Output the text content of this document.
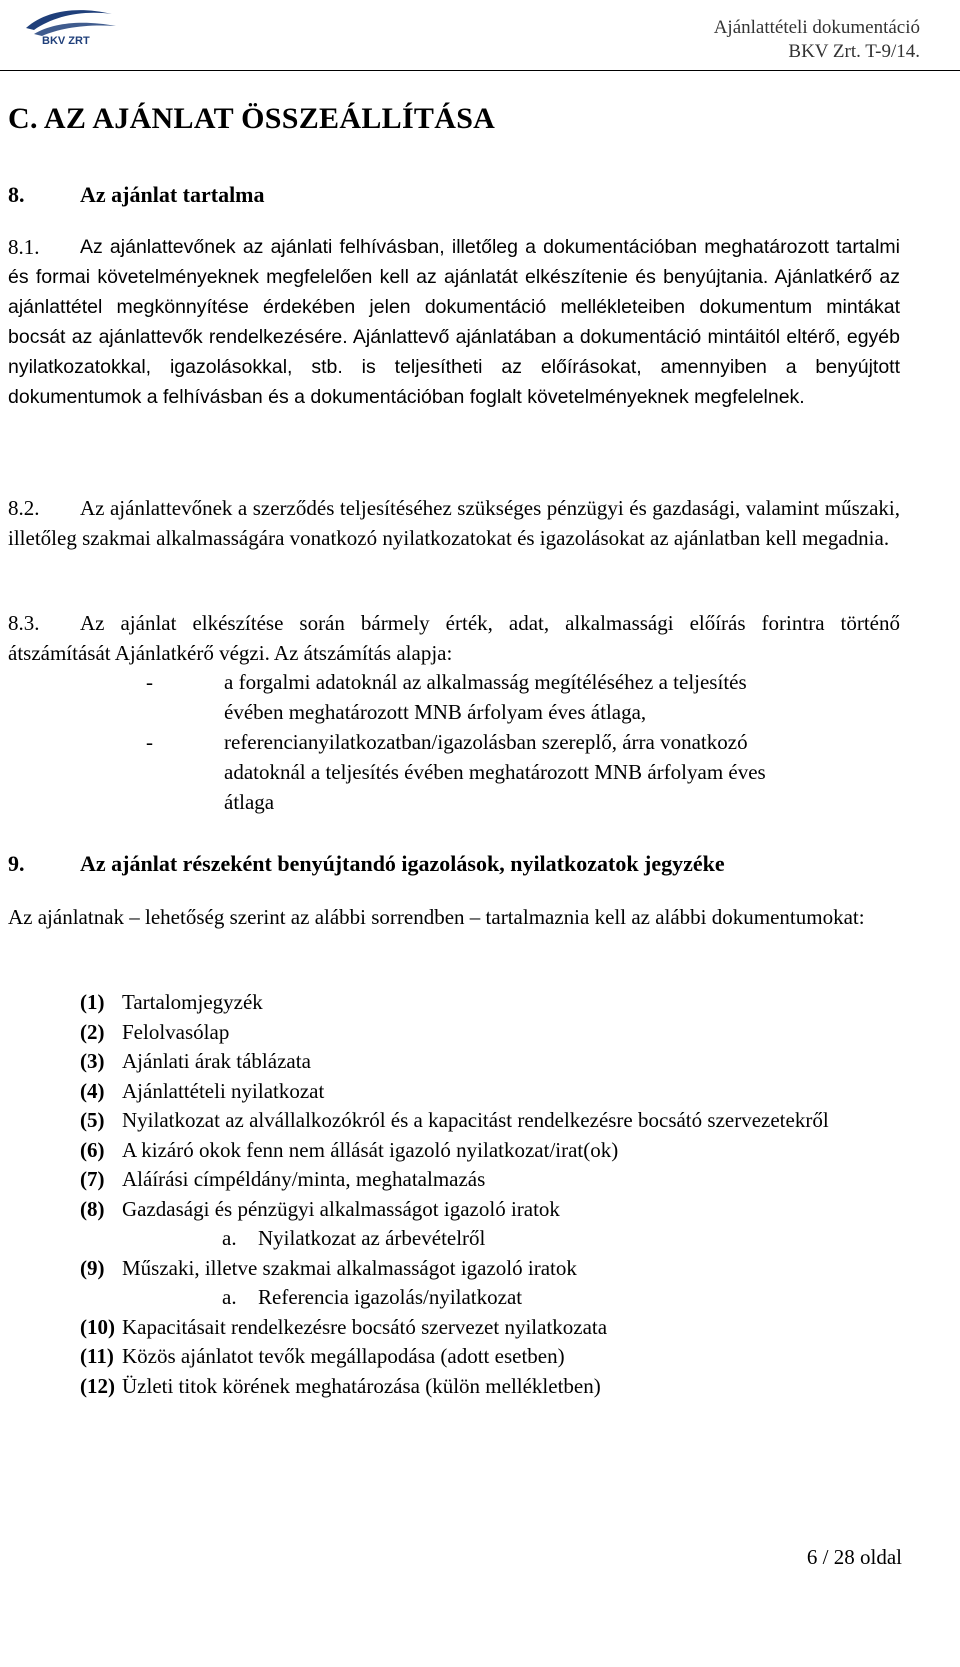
BKV ZRT
Ajánlattételi dokumentáció
BKV Zrt. T-9/14.
C. AZ AJÁNLAT ÖSSZEÁLLÍTÁSA
8.	Az ajánlat tartalma
8.1.	Az ajánlattevőnek az ajánlati felhívásban, illetőleg a dokumentációban meghatározott tartalmi és formai követelményeknek megfelelően kell az ajánlatát elkészítenie és benyújtania. Ajánlatkérő az ajánlattétel megkönnyítése érdekében jelen dokumentáció mellékleteiben dokumentum mintákat bocsát az ajánlattevők rendelkezésére. Ajánlattevő ajánlatában a dokumentáció mintáitól eltérő, egyéb nyilatkozatokkal, igazolásokkal, stb. is teljesítheti az előírásokat, amennyiben a benyújtott dokumentumok a felhívásban és a dokumentációban foglalt követelményeknek megfelelnek.

8.2.	Az ajánlattevőnek a szerződés teljesítéséhez szükséges pénzügyi és gazdasági, valamint műszaki, illetőleg szakmai alkalmasságára vonatkozó nyilatkozatokat és igazolásokat az ajánlatban kell megadnia.

8.3.	Az ajánlat elkészítése során bármely érték, adat, alkalmassági előírás forintra történő átszámítását Ajánlatkérő végzi. Az átszámítás alapja:

-	a forgalmi adatoknál az alkalmasság megítéléséhez a teljesítés évében meghatározott MNB árfolyam éves átlaga,

-	referencianyilatkozatban/igazolásban szereplő, árra vonatkozó adatoknál a teljesítés évében meghatározott MNB árfolyam éves átlaga

9.	Az ajánlat részeként benyújtandó igazolások, nyilatkozatok jegyzéke

Az ajánlatnak – lehetőség szerint az alábbi sorrendben – tartalmaznia kell az alábbi dokumentumokat:

(1) Tartalomjegyzék
(2) Felolvasólap
(3) Ajánlati árak táblázata
(4) Ajánlattételi nyilatkozat
(5) Nyilatkozat az alvállalkozókról és a kapacitást rendelkezésre bocsátó szervezetekről
(6) A kizáró okok fenn nem állását igazoló nyilatkozat/irat(ok)
(7) Aláírási címpéldány/minta, meghatalmazás
(8) Gazdasági és pénzügyi alkalmasságot igazoló iratok
a. Nyilatkozat az árbevételről
(9) Műszaki, illetve szakmai alkalmasságot igazoló iratok
a. Referencia igazolás/nyilatkozat
(10) Kapacitásait rendelkezésre bocsátó szervezet nyilatkozata
(11) Közös ajánlatot tevők megállapodása (adott esetben)
(12) Üzleti titok körének meghatározása (külön mellékletben)
6 / 28 oldal
